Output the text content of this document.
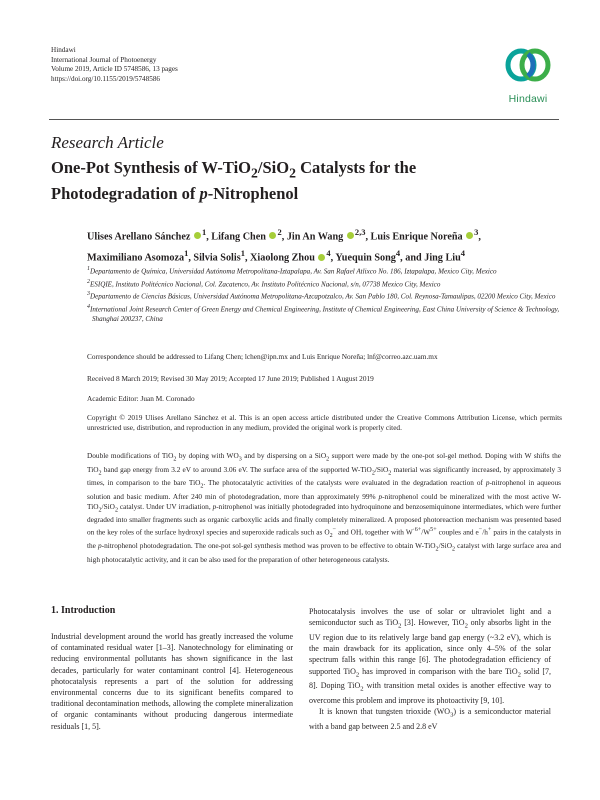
Hindawi
International Journal of Photoenergy
Volume 2019, Article ID 5748586, 13 pages
https://doi.org/10.1155/2019/5748586
Hindawi
Research Article
One-Pot Synthesis of W-TiO$_2$/SiO$_2$ Catalysts for the
Photodegradation of p-Nitrophenol
Ulises Arellano Sánchez $^1$, Lifang Chen $^2$, Jin An Wang $^{2,3}$, Luis Enrique Noreña $^3$,
Maximiliano Asomoza$^1$, Silvia Solis$^1$, Xiaolong Zhou $^4$, Yuequin Song$^4$, and Jing Liu$^4$
$^1$Departamento de Química, Universidad Autónoma Metropolitana-Iztapalapa, Av. San Rafael Atlixco No. 186, Iztapalapa, Mexico City, Mexico
$^2$ESIQIE, Instituto Politécnico Nacional, Col. Zacatenco, Av. Instituto Politécnico Nacional, s/n, 07738 Mexico City, Mexico
$^3$Departamento de Ciencias Básicas, Universidad Autónoma Metropolitana-Azcapotzalco, Av. San Pablo 180, Col. Reynosa-Tamaulipas, 02200 Mexico City, Mexico
$^4$International Joint Research Center of Green Energy and Chemical Engineering, Institute of Chemical Engineering, East China University of Science & Technology, Shanghai 200237, China
Correspondence should be addressed to Lifang Chen; lchen@ipn.mx and Luis Enrique Noreña; lnf@correo.azc.uam.mx
Received 8 March 2019; Revised 30 May 2019; Accepted 17 June 2019; Published 1 August 2019
Academic Editor: Juan M. Coronado
Copyright © 2019 Ulises Arellano Sánchez et al. This is an open access article distributed under the Creative Commons Attribution License, which permits unrestricted use, distribution, and reproduction in any medium, provided the original work is properly cited.
Double modifications of TiO$_2$ by doping with $WO_3$ and by dispersing on a SiO$_2$ support were made by the one-pot sol-gel method. Doping with W shifts the TiO$_2$ band gap energy from 3.2 eV to around 3.06 eV. The surface area of the supported W-TiO$_2$/SiO$_2$ material was significantly increased, by approximately 3 times, in comparison to the bare TiO$_2$. The photocatalytic activities of the catalysts were evaluated in the degradation reaction of p-nitrophenol in aqueous solution and basic medium. After 240 min of photodegradation, more than approximately 99% p-nitrophenol could be mineralized with the most active W-TiO$_2$/SiO$_2$ catalyst. Under UV irradiation, p-nitrophenol was initially photodegraded into hydroquinone and benzosemiquinone intermediates, which were further degraded into smaller fragments such as organic carboxylic acids and finally completely mineralized. A proposed photoreaction mechanism was presented based on the key roles of the surface hydroxyl species and superoxide radicals such as $O_2^-$ and OH, together with $W^{\cdot 6+}/W^{5+}$ couples and e−/h+ pairs in the catalysts in the p-nitrophenol photodegradation. The one-pot sol-gel synthesis method was proven to be effective to obtain W-TiO$_2$/SiO$_2$ catalyst with large surface area and high photocatalytic activity, and it can be also used for the preparation of other heterogeneous catalysts.
1. Introduction

Industrial development around the world has greatly increased the volume of contaminated residual water [1–3]. Nanotechnology for eliminating or reducing environmental pollutants has shown significance in the last decades, particularly for water contaminant control [4]. Heterogeneous photocatalysis represents a part of the solution for addressing environmental concerns due to its significant benefits compared to traditional decontamination methods, allowing the complete mineralization of organic contaminants without producing dangerous intermediate residuals [1, 5].

Photocatalysis involves the use of solar or ultraviolet light and a semiconductor such as TiO$_2$ [3]. However, TiO$_2$ only absorbs light in the UV region due to its relatively large band gap energy (~3.2 eV), which is the main drawback for its application, since only 4–5% of the solar spectrum falls within this range [6]. The photodegradation efficiency of supported TiO$_2$ has improved in comparison with the bare TiO$_2$ solid [7, 8]. Doping TiO$_2$ with transition metal oxides is another effective way to overcome this problem and improve its photoactivity [9, 10].

It is known that tungsten trioxide $(WO_3)$ is a semiconductor material with a band gap between 2.5 and 2.8 eV
